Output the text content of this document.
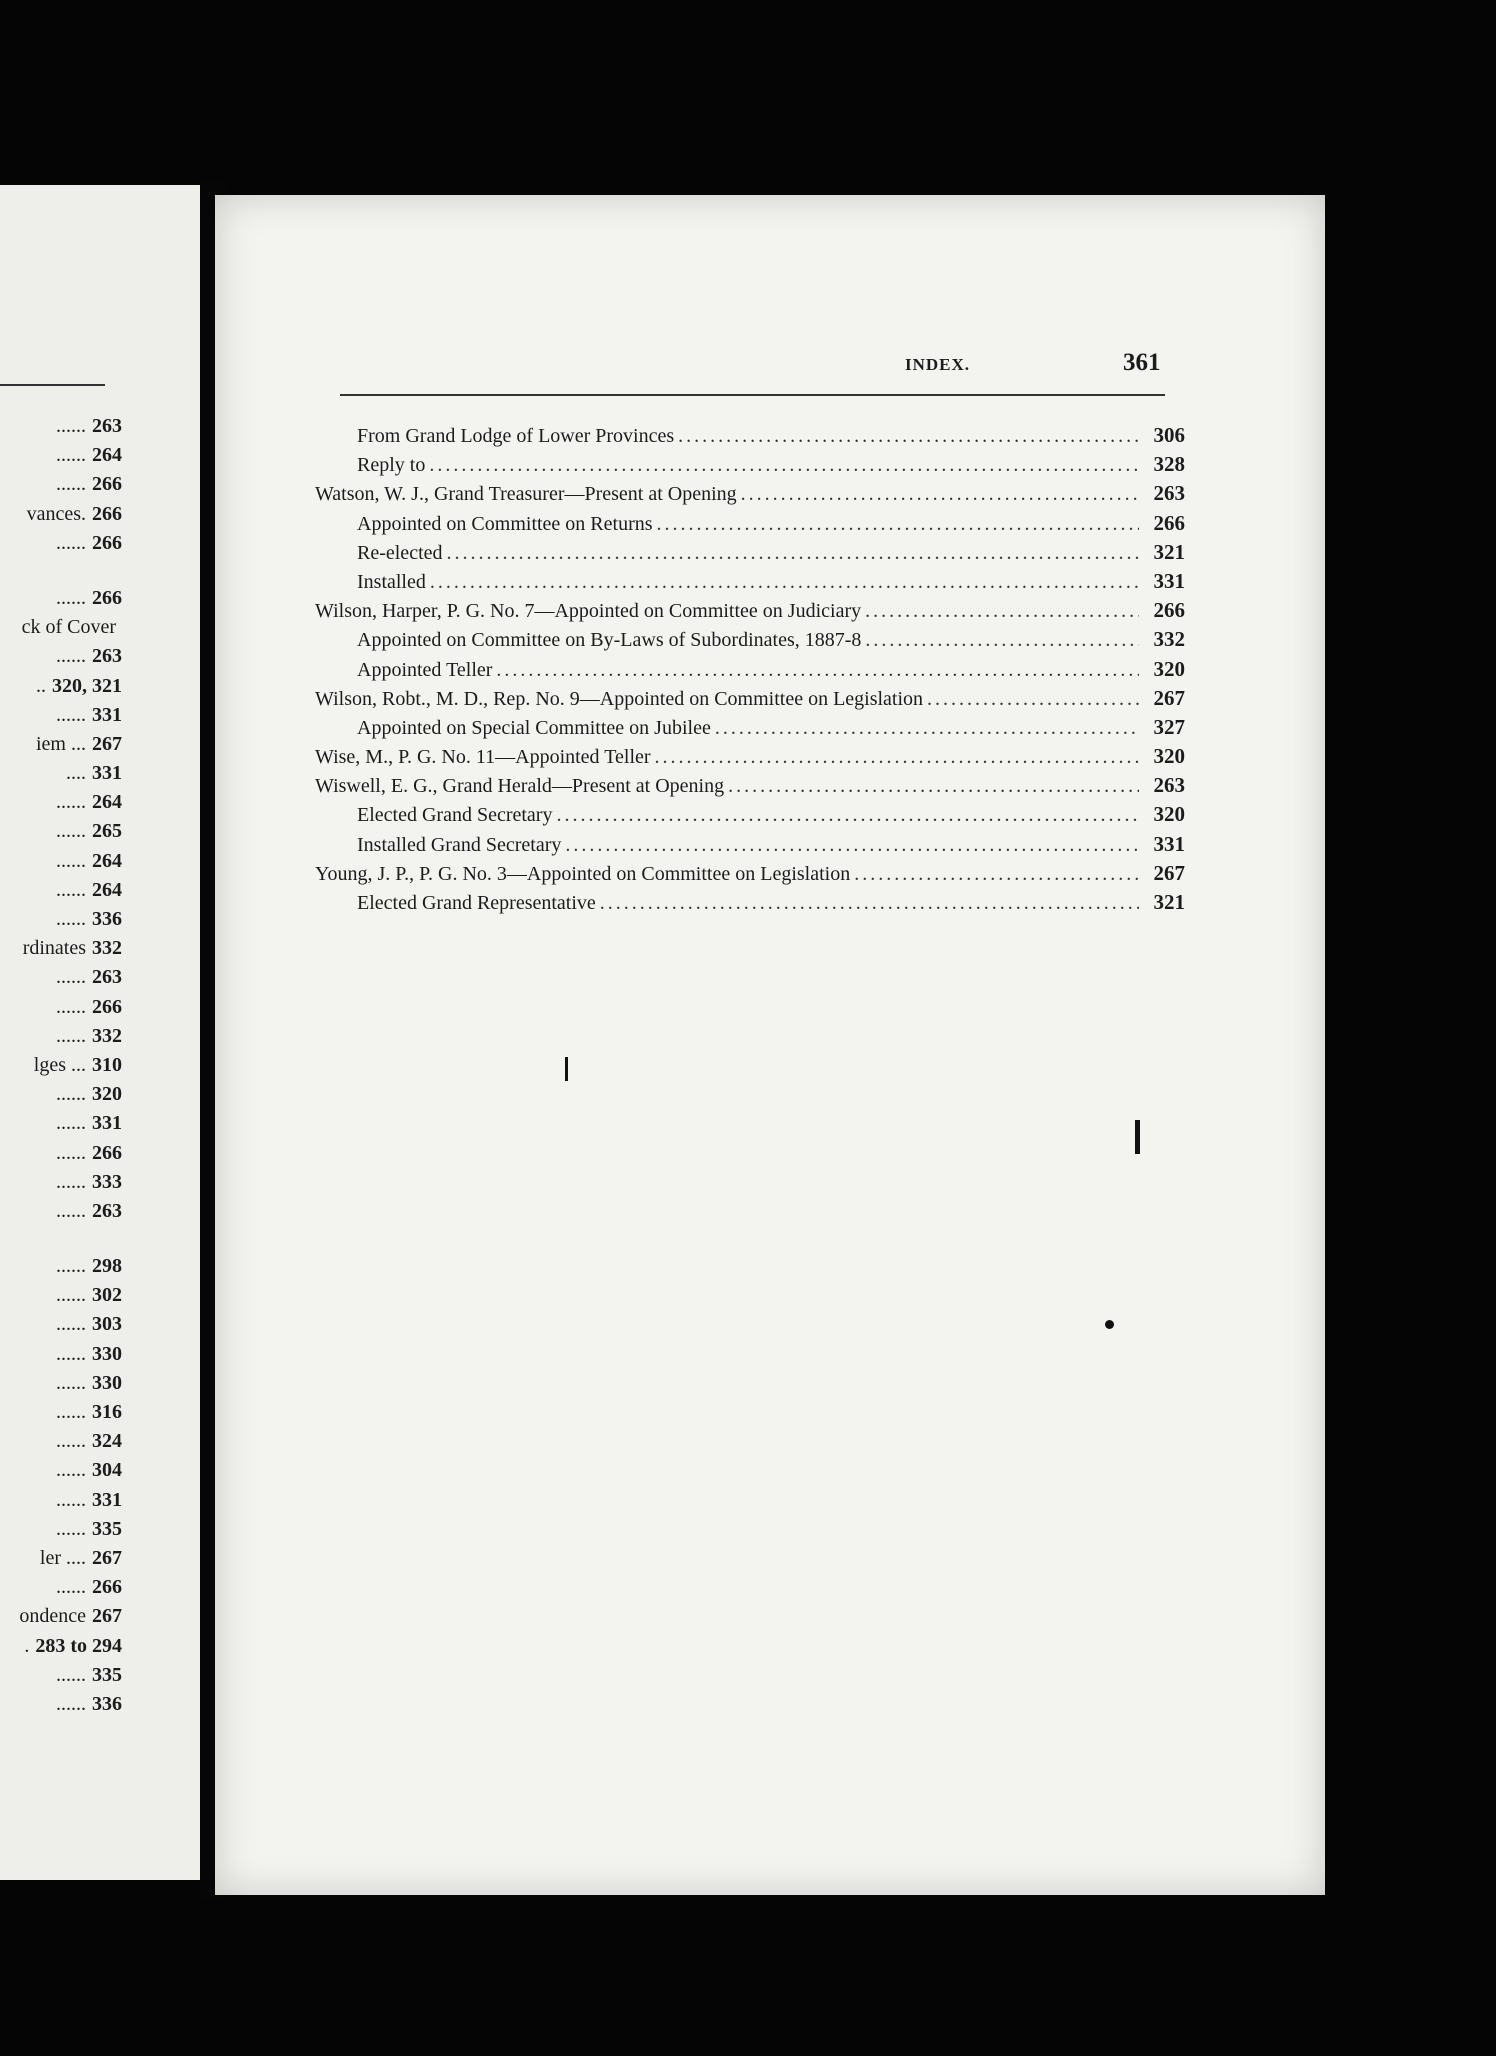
...... 263
...... 264
...... 266
vances. 266
...... 266
...... 266
ck of Cover
...... 263
.. 320, 321
...... 331
iem ... 267
.... 331
...... 264
...... 265
...... 264
...... 264
...... 336
rdinates 332
...... 263
...... 266
...... 332
lges ... 310
...... 320
...... 331
...... 266
...... 333
...... 263
...... 298
...... 302
...... 303
...... 330
...... 330
...... 316
...... 324
...... 304
...... 331
...... 335
ler .... 267
...... 266
ondence 267
. 283 to 294
...... 335
...... 336
INDEX.	361
From Grand Lodge of Lower Provinces .....	306
Reply to .....	328
Watson, W. J., Grand Treasurer—Present at Opening .....	263
Appointed on Committee on Returns .....	266
Re-elected .....	321
Installed .....	331
Wilson, Harper, P. G. No. 7—Appointed on Committee on Judiciary .....	266
Appointed on Committee on By-Laws of Subordinates, 1887-8 .....	332
Appointed Teller .....	320
Wilson, Robt., M. D., Rep. No. 9—Appointed on Committee on Legislation .....	267
Appointed on Special Committee on Jubilee .....	327
Wise, M., P. G. No. 11—Appointed Teller .....	320
Wiswell, E. G., Grand Herald—Present at Opening .....	263
Elected Grand Secretary .....	320
Installed Grand Secretary .....	331
Young, J. P., P. G. No. 3—Appointed on Committee on Legislation .....	267
Elected Grand Representative .....	321
